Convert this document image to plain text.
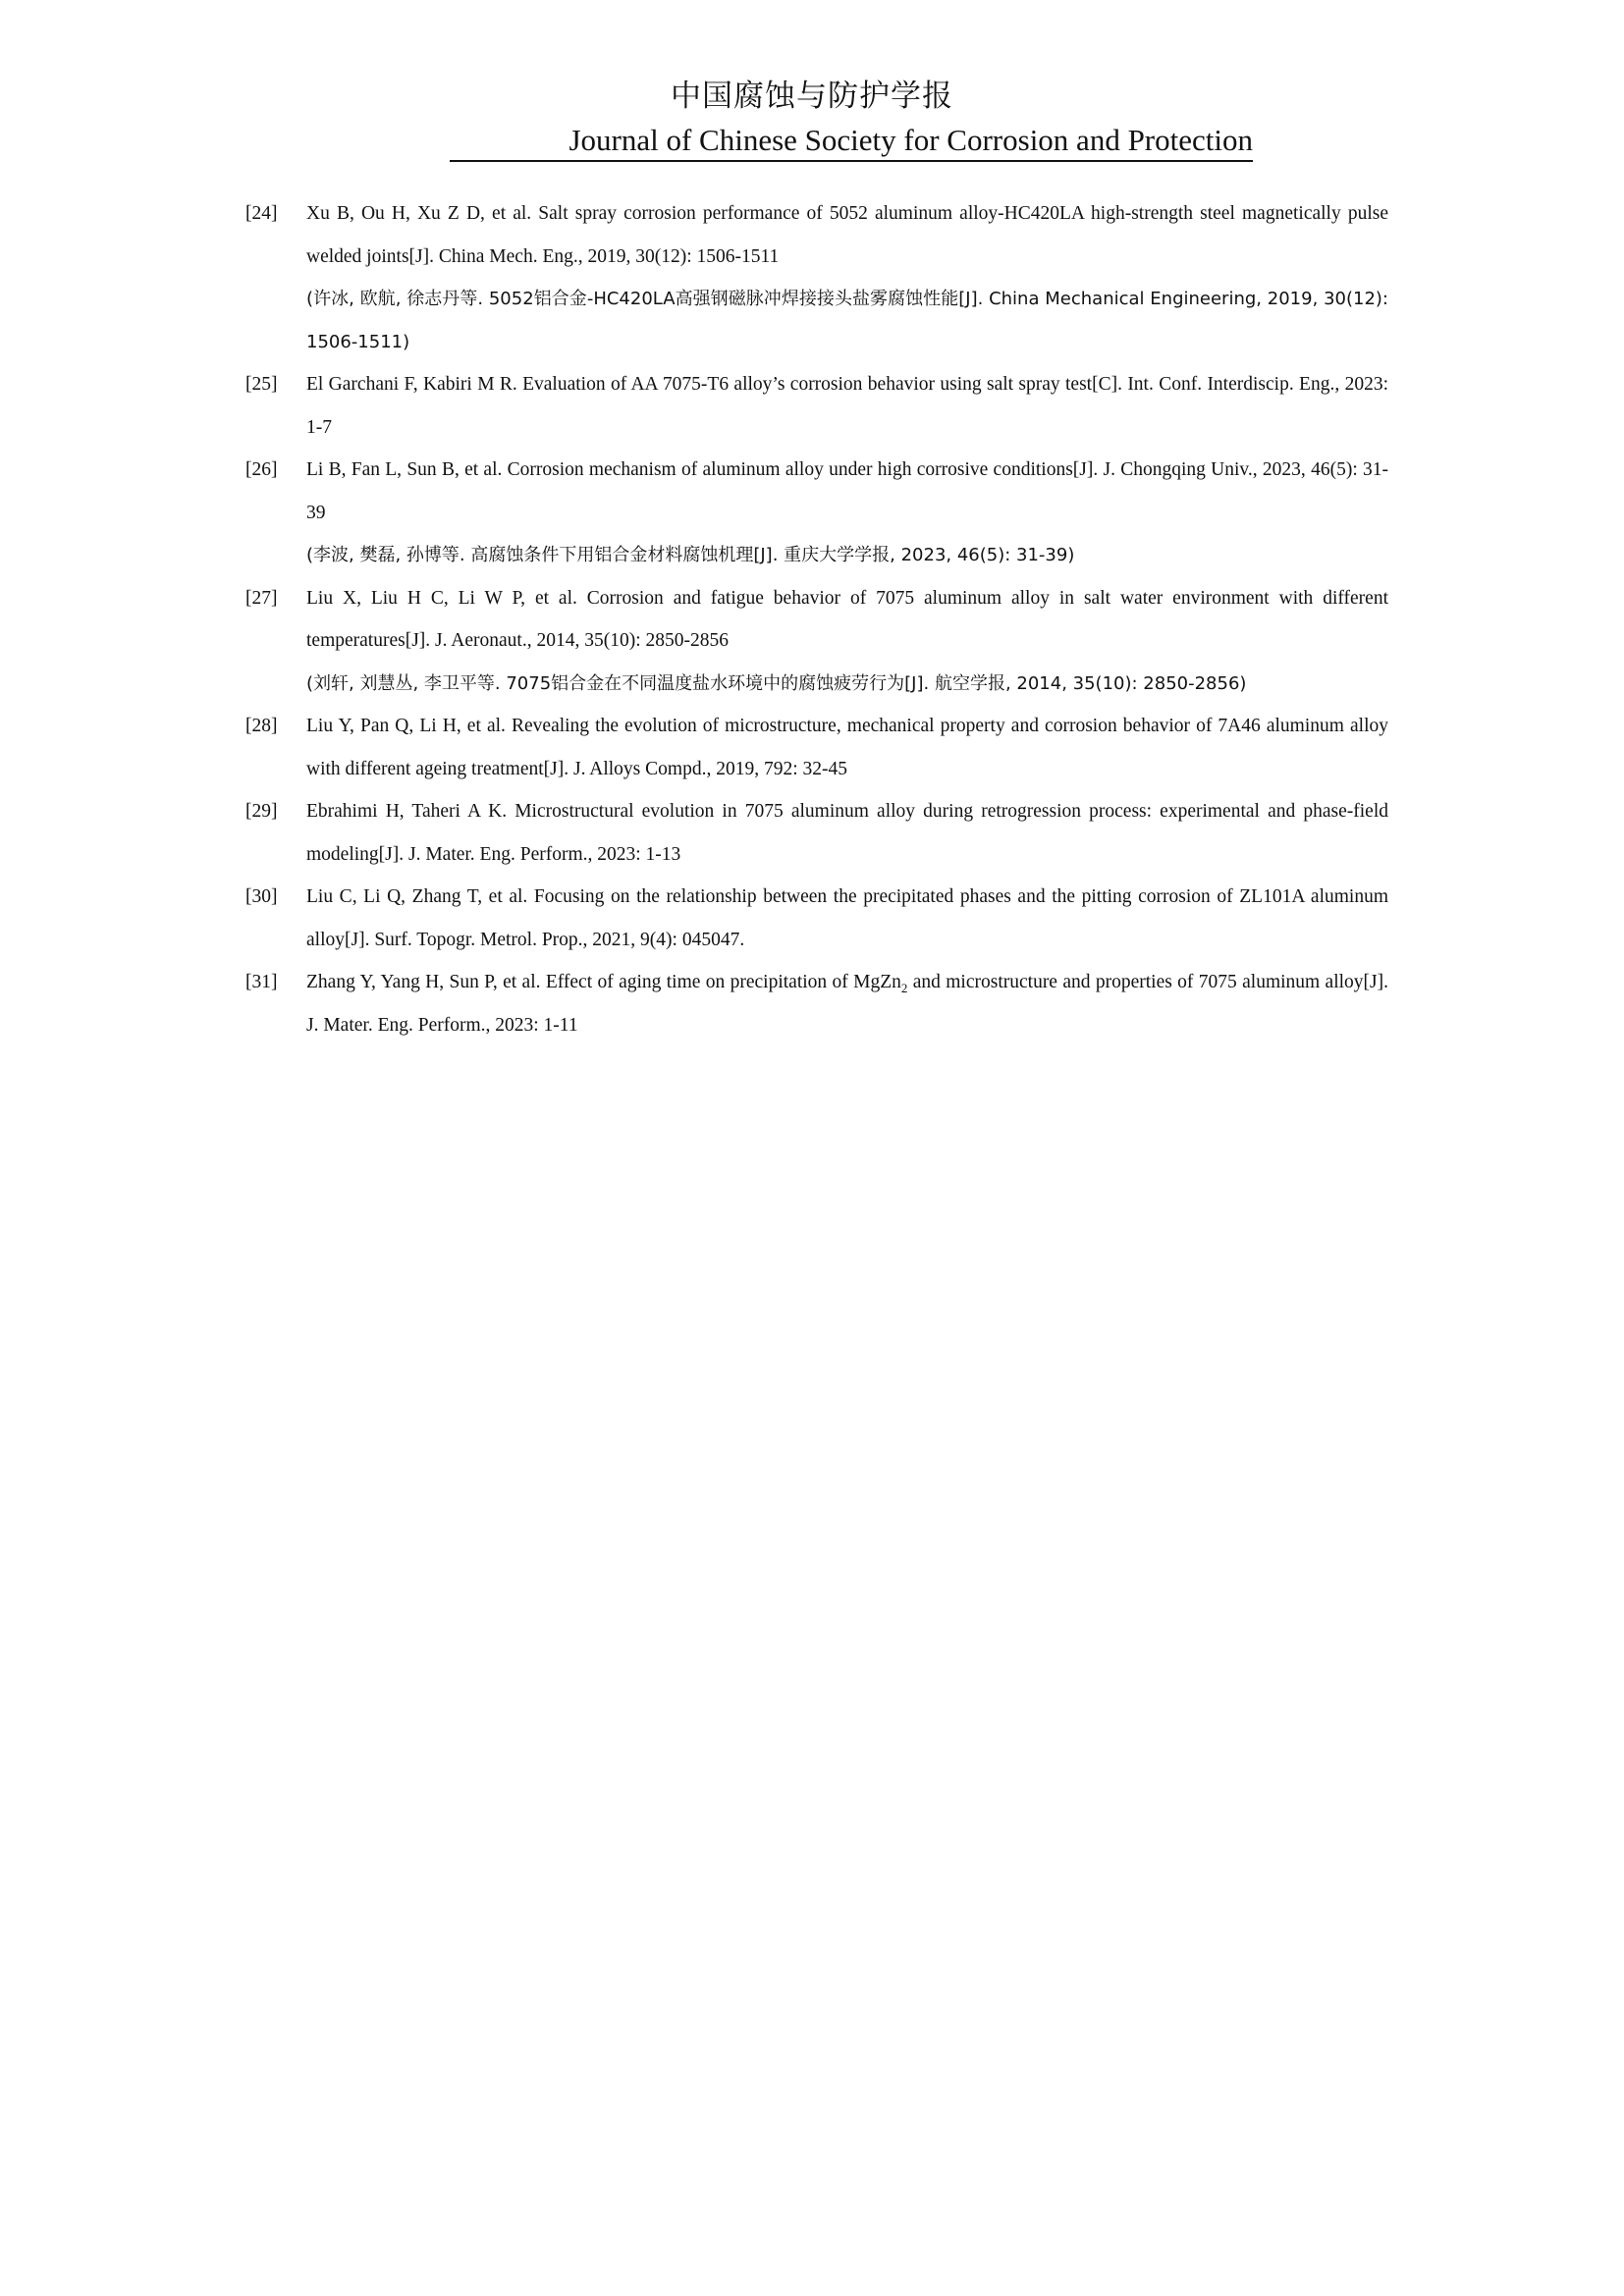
中国腐蚀与防护学报
Journal of Chinese Society for Corrosion and Protection
[24]	Xu B, Ou H, Xu Z D, et al. Salt spray corrosion performance of 5052 aluminum alloy-HC420LA high-strength steel magnetically pulse welded joints[J]. China Mech. Eng., 2019, 30(12): 1506-1511

(许冰, 欧航, 徐志丹等. 5052铝合金-HC420LA高强钢磁脉冲焊接接头盐雾腐蚀性能[J]. China Mechanical Engineering, 2019, 30(12): 1506-1511)

[25]	El Garchani F, Kabiri M R. Evaluation of AA 7075-T6 alloy’s corrosion behavior using salt spray test[C]. Int. Conf. Interdiscip. Eng., 2023: 1-7

[26]	Li B, Fan L, Sun B, et al. Corrosion mechanism of aluminum alloy under high corrosive conditions[J]. J. Chongqing Univ., 2023, 46(5): 31-39

(李波, 樊磊, 孙博等. 高腐蚀条件下用铝合金材料腐蚀机理[J]. 重庆大学学报, 2023, 46(5): 31-39)

[27]	Liu X, Liu H C, Li W P, et al. Corrosion and fatigue behavior of 7075 aluminum alloy in salt water environment with different temperatures[J]. J. Aeronaut., 2014, 35(10): 2850-2856

(刘轩, 刘慧丛, 李卫平等. 7075铝合金在不同温度盐水环境中的腐蚀疲劳行为[J]. 航空学报, 2014, 35(10): 2850-2856)

[28]	Liu Y, Pan Q, Li H, et al. Revealing the evolution of microstructure, mechanical property and corrosion behavior of 7A46 aluminum alloy with different ageing treatment[J]. J. Alloys Compd., 2019, 792: 32-45

[29]	Ebrahimi H, Taheri A K. Microstructural evolution in 7075 aluminum alloy during retrogression process: experimental and phase-field modeling[J]. J. Mater. Eng. Perform., 2023: 1-13

[30]	Liu C, Li Q, Zhang T, et al. Focusing on the relationship between the precipitated phases and the pitting corrosion of ZL101A aluminum alloy[J]. Surf. Topogr. Metrol. Prop., 2021, 9(4): 045047.

[31]	Zhang Y, Yang H, Sun P, et al. Effect of aging time on precipitation of MgZn$_2$ and microstructure and properties of 7075 aluminum alloy[J]. J. Mater. Eng. Perform., 2023: 1-11
